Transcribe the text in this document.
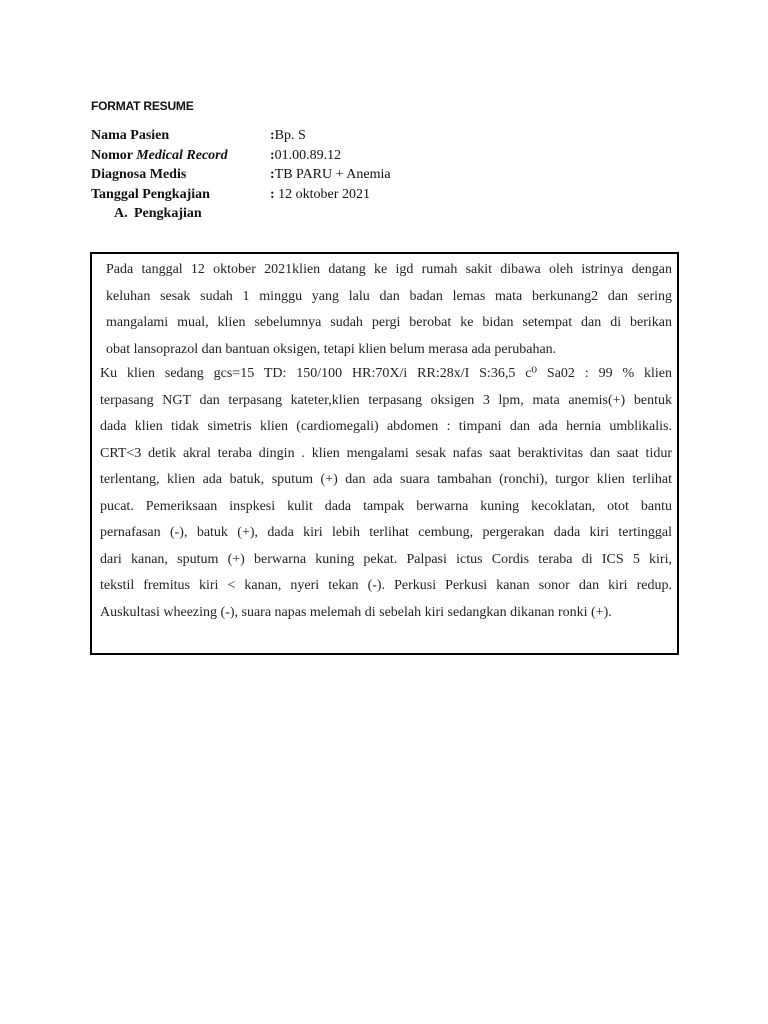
FORMAT RESUME
Nama Pasien	:Bp. S
Nomor Medical Record	:01.00.89.12
Diagnosa Medis	:TB PARU + Anemia
Tanggal Pengkajian	: 12 oktober 2021
A. Pengkajian
Pada tanggal 12 oktober 2021klien datang ke igd rumah sakit dibawa oleh istrinya dengan
keluhan sesak sudah 1 minggu yang lalu dan badan lemas mata berkunang2 dan sering
mangalami mual, klien sebelumnya sudah pergi berobat ke bidan setempat dan di berikan
obat lansoprazol dan bantuan oksigen, tetapi klien belum merasa ada perubahan.
Ku klien sedang gcs=15 TD: 150/100 HR:70X/i RR:28x/I S:36,5 c⁰ Sa02 : 99 % klien
terpasang NGT dan terpasang kateter,klien terpasang oksigen 3 lpm, mata anemis(+) bentuk
dada klien tidak simetris klien (cardiomegali) abdomen : timpani dan ada hernia umblikalis.
CRT<3 detik akral teraba dingin . klien mengalami sesak nafas saat beraktivitas dan saat tidur
terlentang, klien ada batuk, sputum (+) dan ada suara tambahan (ronchi), turgor klien terlihat
pucat. Pemeriksaan inspkesi kulit dada tampak berwarna kuning kecoklatan, otot bantu
pernafasan (-), batuk (+), dada kiri lebih terlihat cembung, pergerakan dada kiri tertinggal
dari kanan, sputum (+) berwarna kuning pekat. Palpasi ictus Cordis teraba di ICS 5 kiri,
tekstil fremitus kiri < kanan, nyeri tekan (-). Perkusi Perkusi kanan sonor dan kiri redup.
Auskultasi wheezing (-), suara napas melemah di sebelah kiri sedangkan dikanan ronki (+).
